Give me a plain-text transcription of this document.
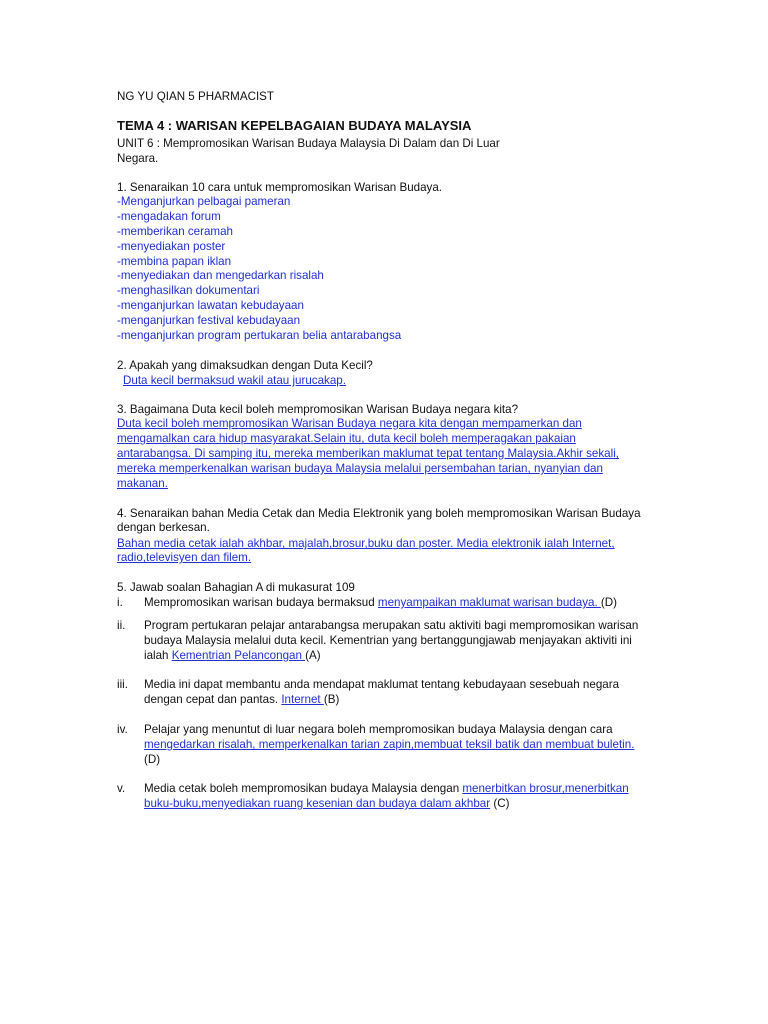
NG YU QIAN 5 PHARMACIST
TEMA 4 : WARISAN KEPELBAGAIAN BUDAYA MALAYSIA
UNIT 6 : Mempromosikan Warisan Budaya Malaysia Di Dalam dan Di Luar
Negara.
1. Senaraikan 10 cara untuk mempromosikan Warisan Budaya.
-Menganjurkan pelbagai pameran
-mengadakan forum
-memberikan ceramah
-menyediakan poster
-membina papan iklan
-menyediakan dan mengedarkan risalah
-menghasilkan dokumentari
-menganjurkan lawatan kebudayaan
-menganjurkan festival kebudayaan
-menganjurkan program pertukaran belia antarabangsa
2. Apakah yang dimaksudkan dengan Duta Kecil?
Duta kecil bermaksud wakil atau jurucakap.
3. Bagaimana Duta kecil boleh mempromosikan Warisan Budaya negara kita?
Duta kecil boleh mempromosikan Warisan Budaya negara kita dengan mempamerkan dan
mengamalkan cara hidup masyarakat.Selain itu, duta kecil boleh memperagakan pakaian
antarabangsa. Di samping itu, mereka memberikan maklumat tepat tentang Malaysia.Akhir sekali,
mereka memperkenalkan warisan budaya Malaysia melalui persembahan tarian, nyanyian dan
makanan.
4. Senaraikan bahan Media Cetak dan Media Elektronik yang boleh mempromosikan Warisan Budaya
dengan berkesan.
Bahan media cetak ialah akhbar, majalah,brosur,buku dan poster. Media elektronik ialah Internet,
radio,televisyen dan filem.
5. Jawab soalan Bahagian A di mukasurat 109
i. Mempromosikan warisan budaya bermaksud menyampaikan maklumat warisan budaya. (D)
ii. Program pertukaran pelajar antarabangsa merupakan satu aktiviti bagi mempromosikan warisan
budaya Malaysia melalui duta kecil. Kementrian yang bertanggungjawab menjayakan aktiviti ini
ialah Kementrian Pelancongan (A)
iii. Media ini dapat membantu anda mendapat maklumat tentang kebudayaan sesebuah negara
dengan cepat dan pantas. Internet (B)
iv. Pelajar yang menuntut di luar negara boleh mempromosikan budaya Malaysia dengan cara
mengedarkan risalah, memperkenalkan tarian zapin,membuat teksil batik dan membuat buletin.
(D)
v. Media cetak boleh mempromosikan budaya Malaysia dengan menerbitkan brosur,menerbitkan
buku-buku,menyediakan ruang kesenian dan budaya dalam akhbar (C)
